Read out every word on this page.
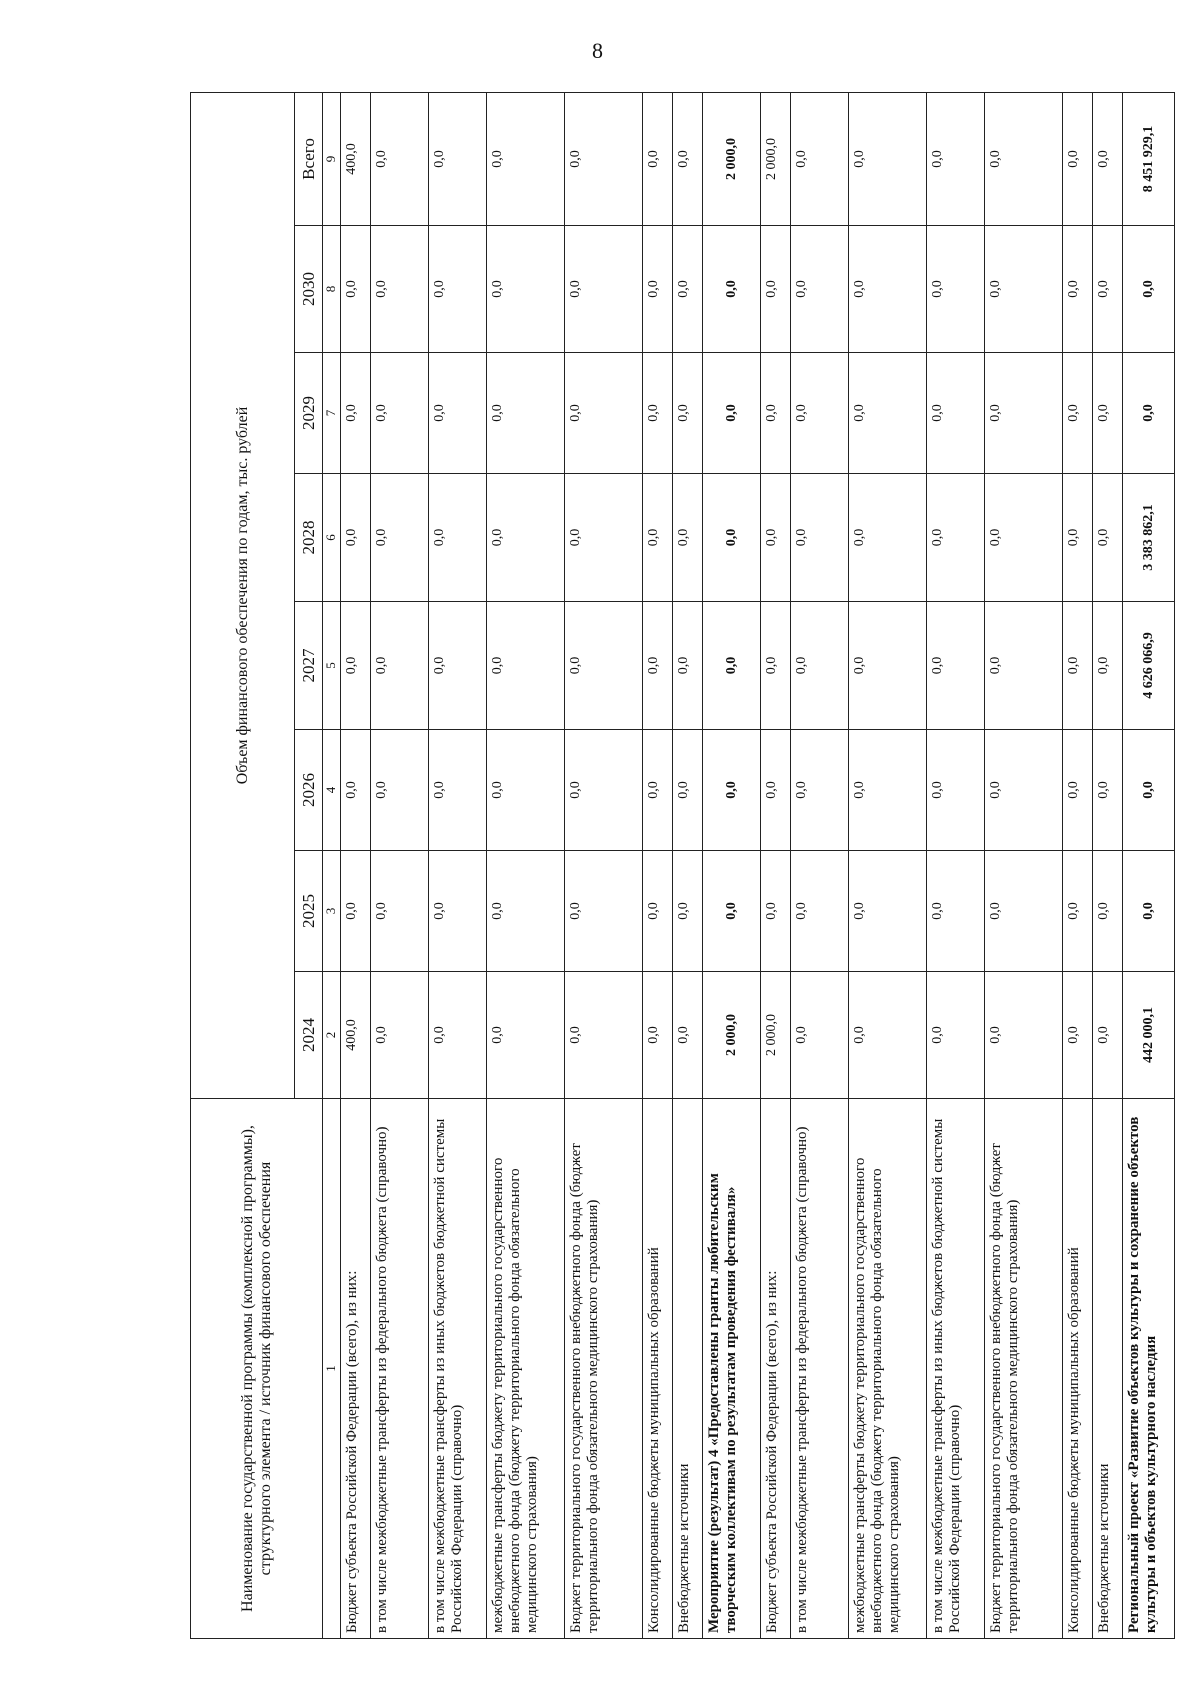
8
Наименование государственной программы (комплексной программы), структурного элемента / источник финансового обеспечения	Объем финансового обеспечения по годам, тыс. рублей							
	2024	2025	2026	2027	2028	2029	2030	Всего
1	2	3	4	5	6	7	8	9
Бюджет субъекта Российской Федерации (всего), из них:	400,0	0,0	0,0	0,0	0,0	0,0	0,0	400,0
в том числе межбюджетные трансферты из федерального бюджета (справочно)	0,0	0,0	0,0	0,0	0,0	0,0	0,0	0,0
в том числе межбюджетные трансферты из иных бюджетов бюджетной системы Российской Федерации (справочно)	0,0	0,0	0,0	0,0	0,0	0,0	0,0	0,0
межбюджетные трансферты бюджету территориального государственного внебюджетного фонда (бюджету территориального фонда обязательного медицинского страхования)	0,0	0,0	0,0	0,0	0,0	0,0	0,0	0,0
Бюджет территориального государственного внебюджетного фонда (бюджет территориального фонда обязательного медицинского страхования)	0,0	0,0	0,0	0,0	0,0	0,0	0,0	0,0
Консолидированные бюджеты муниципальных образований	0,0	0,0	0,0	0,0	0,0	0,0	0,0	0,0
Внебюджетные источники	0,0	0,0	0,0	0,0	0,0	0,0	0,0	0,0
Мероприятие (результат) 4 «Предоставлены гранты любительским творческим коллективам по результатам проведения фестиваля»	2 000,0	0,0	0,0	0,0	0,0	0,0	0,0	2 000,0
Бюджет субъекта Российской Федерации (всего), из них:	2 000,0	0,0	0,0	0,0	0,0	0,0	0,0	2 000,0
в том числе межбюджетные трансферты из федерального бюджета (справочно)	0,0	0,0	0,0	0,0	0,0	0,0	0,0	0,0
межбюджетные трансферты бюджету территориального государственного внебюджетного фонда (бюджету территориального фонда обязательного медицинского страхования)	0,0	0,0	0,0	0,0	0,0	0,0	0,0	0,0
в том числе межбюджетные трансферты из иных бюджетов бюджетной системы Российской Федерации (справочно)	0,0	0,0	0,0	0,0	0,0	0,0	0,0	0,0
Бюджет территориального государственного внебюджетного фонда (бюджет территориального фонда обязательного медицинского страхования)	0,0	0,0	0,0	0,0	0,0	0,0	0,0	0,0
Консолидированные бюджеты муниципальных образований	0,0	0,0	0,0	0,0	0,0	0,0	0,0	0,0
Внебюджетные источники	0,0	0,0	0,0	0,0	0,0	0,0	0,0	0,0
Региональный проект «Развитие объектов культуры и сохранение объектов культуры и объектов культурного наследия	442 000,1	0,0	0,0	4 626 066,9	3 383 862,1	0,0	0,0	8 451 929,1
